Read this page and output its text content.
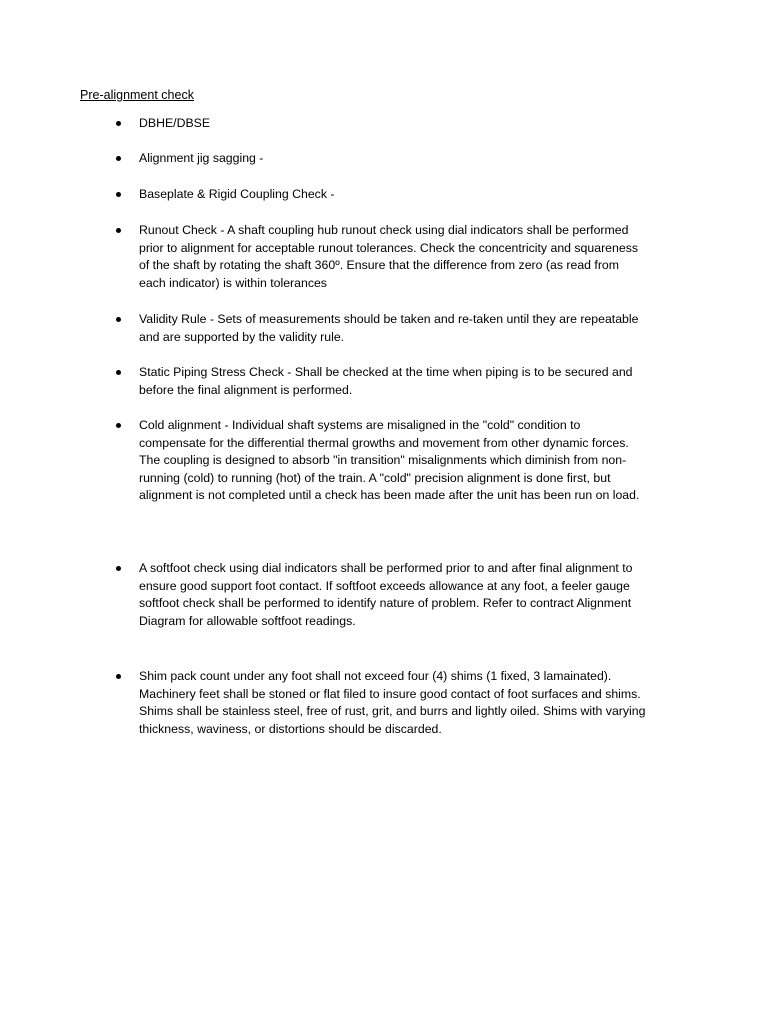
Pre-alignment check
DBHE/DBSE
Alignment jig sagging -
Baseplate & Rigid Coupling Check -
Runout Check - A shaft coupling hub runout check using dial indicators shall be performed
prior to alignment for acceptable runout tolerances. Check the concentricity and squareness
of the shaft by rotating the shaft 360º. Ensure that the difference from zero (as read from
each indicator) is within tolerances
Validity Rule - Sets of measurements should be taken and re-taken until they are repeatable
and are supported by the validity rule.
Static Piping Stress Check - Shall be checked at the time when piping is to be secured and
before the final alignment is performed.
Cold alignment - Individual shaft systems are misaligned in the "cold" condition to
compensate for the differential thermal growths and movement from other dynamic forces.
The coupling is designed to absorb "in transition" misalignments which diminish from non-
running (cold) to running (hot) of the train. A "cold" precision alignment is done first, but
alignment is not completed until a check has been made after the unit has been run on load.
A softfoot check using dial indicators shall be performed prior to and after final alignment to
ensure good support foot contact. If softfoot exceeds allowance at any foot, a feeler gauge
softfoot check shall be performed to identify nature of problem. Refer to contract Alignment
Diagram for allowable softfoot readings.
Shim pack count under any foot shall not exceed four (4) shims (1 fixed, 3 lamainated).
Machinery feet shall be stoned or flat filed to insure good contact of foot surfaces and shims.
Shims shall be stainless steel, free of rust, grit, and burrs and lightly oiled. Shims with varying
thickness, waviness, or distortions should be discarded.
